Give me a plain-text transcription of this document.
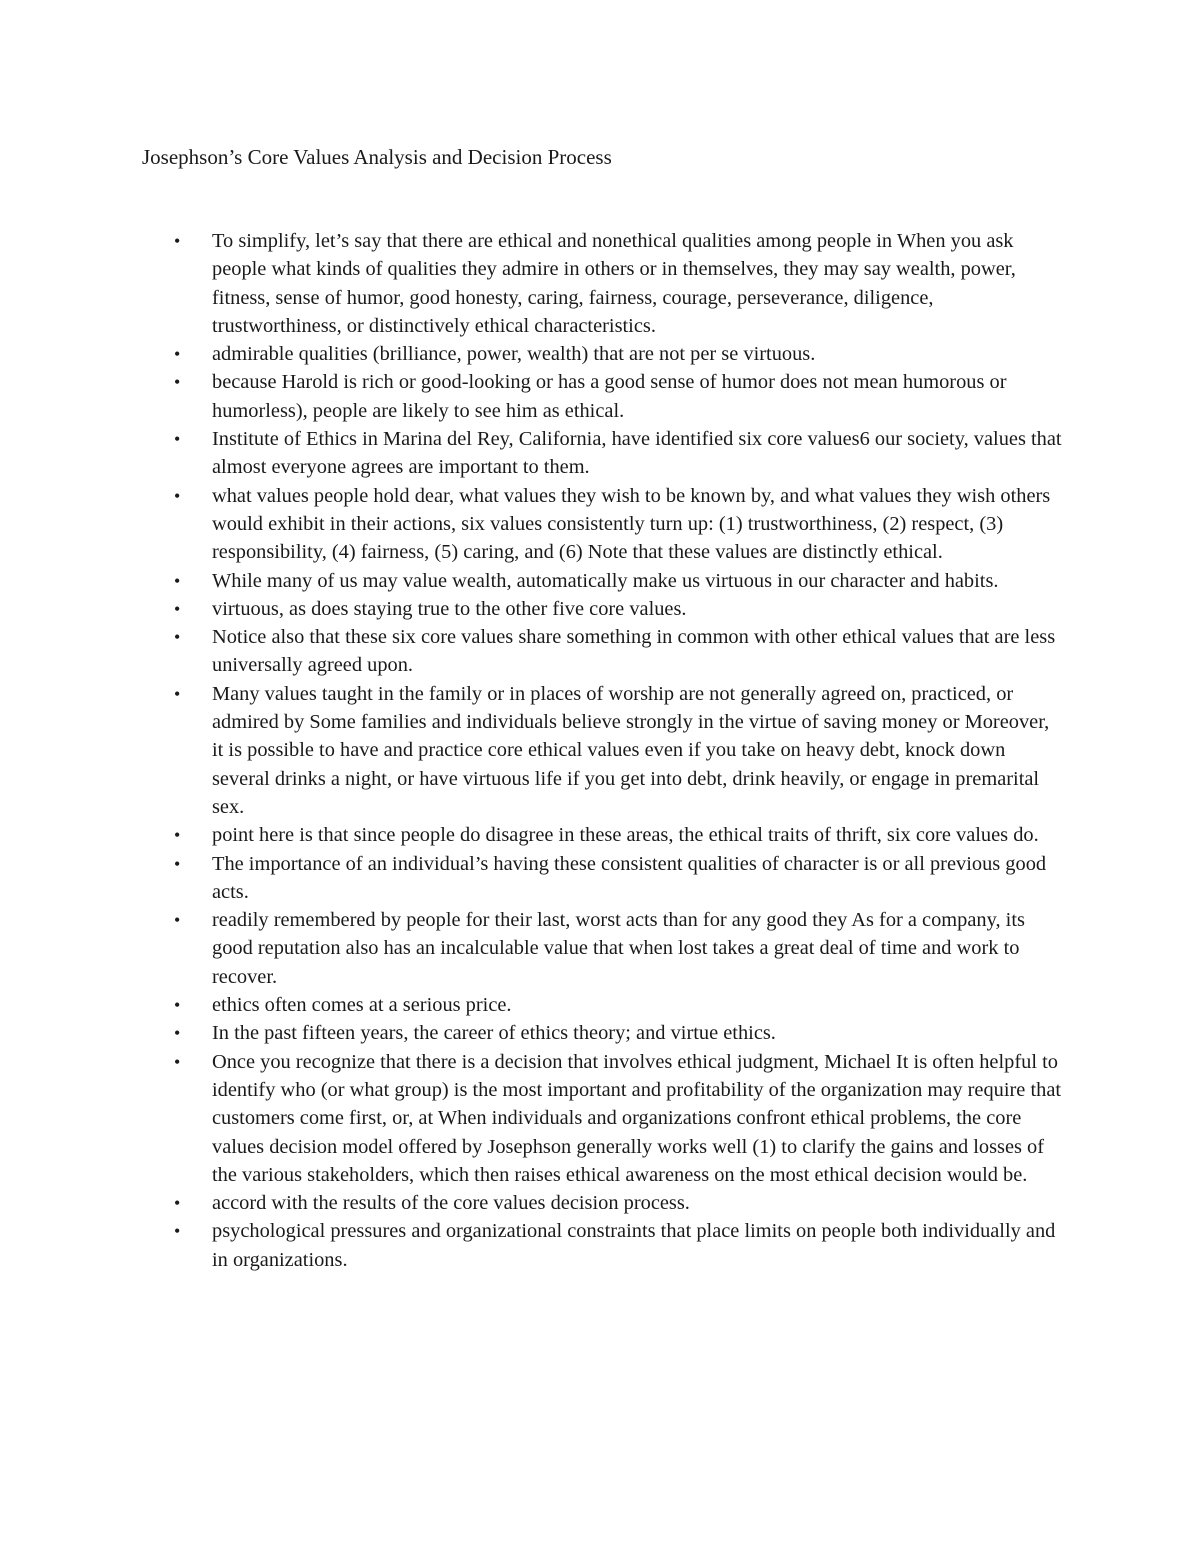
Josephson’s Core Values Analysis and Decision Process
• To simplify, let’s say that there are ethical and nonethical qualities among people in When you ask people what kinds of qualities they admire in others or in themselves, they may say wealth, power, fitness, sense of humor, good honesty, caring, fairness, courage, perseverance, diligence, trustworthiness, or distinctively ethical characteristics.
• admirable qualities (brilliance, power, wealth) that are not per se virtuous.
• because Harold is rich or good-looking or has a good sense of humor does not mean humorous or humorless), people are likely to see him as ethical.
• Institute of Ethics in Marina del Rey, California, have identified six core values6 our society, values that almost everyone agrees are important to them.
• what values people hold dear, what values they wish to be known by, and what values they wish others would exhibit in their actions, six values consistently turn up: (1) trustworthiness, (2) respect, (3) responsibility, (4) fairness, (5) caring, and (6) Note that these values are distinctly ethical.
• While many of us may value wealth, automatically make us virtuous in our character and habits.
• virtuous, as does staying true to the other five core values.
• Notice also that these six core values share something in common with other ethical values that are less universally agreed upon.
• Many values taught in the family or in places of worship are not generally agreed on, practiced, or admired by Some families and individuals believe strongly in the virtue of saving money or Moreover, it is possible to have and practice core ethical values even if you take on heavy debt, knock down several drinks a night, or have virtuous life if you get into debt, drink heavily, or engage in premarital sex.
• point here is that since people do disagree in these areas, the ethical traits of thrift, six core values do.
• The importance of an individual’s having these consistent qualities of character is or all previous good acts.
• readily remembered by people for their last, worst acts than for any good they As for a company, its good reputation also has an incalculable value that when lost takes a great deal of time and work to recover.
• ethics often comes at a serious price.
• In the past fifteen years, the career of ethics theory; and virtue ethics.
• Once you recognize that there is a decision that involves ethical judgment, Michael It is often helpful to identify who (or what group) is the most important and profitability of the organization may require that customers come first, or, at When individuals and organizations confront ethical problems, the core values decision model offered by Josephson generally works well (1) to clarify the gains and losses of the various stakeholders, which then raises ethical awareness on the most ethical decision would be.
• accord with the results of the core values decision process.
• psychological pressures and organizational constraints that place limits on people both individually and in organizations.
